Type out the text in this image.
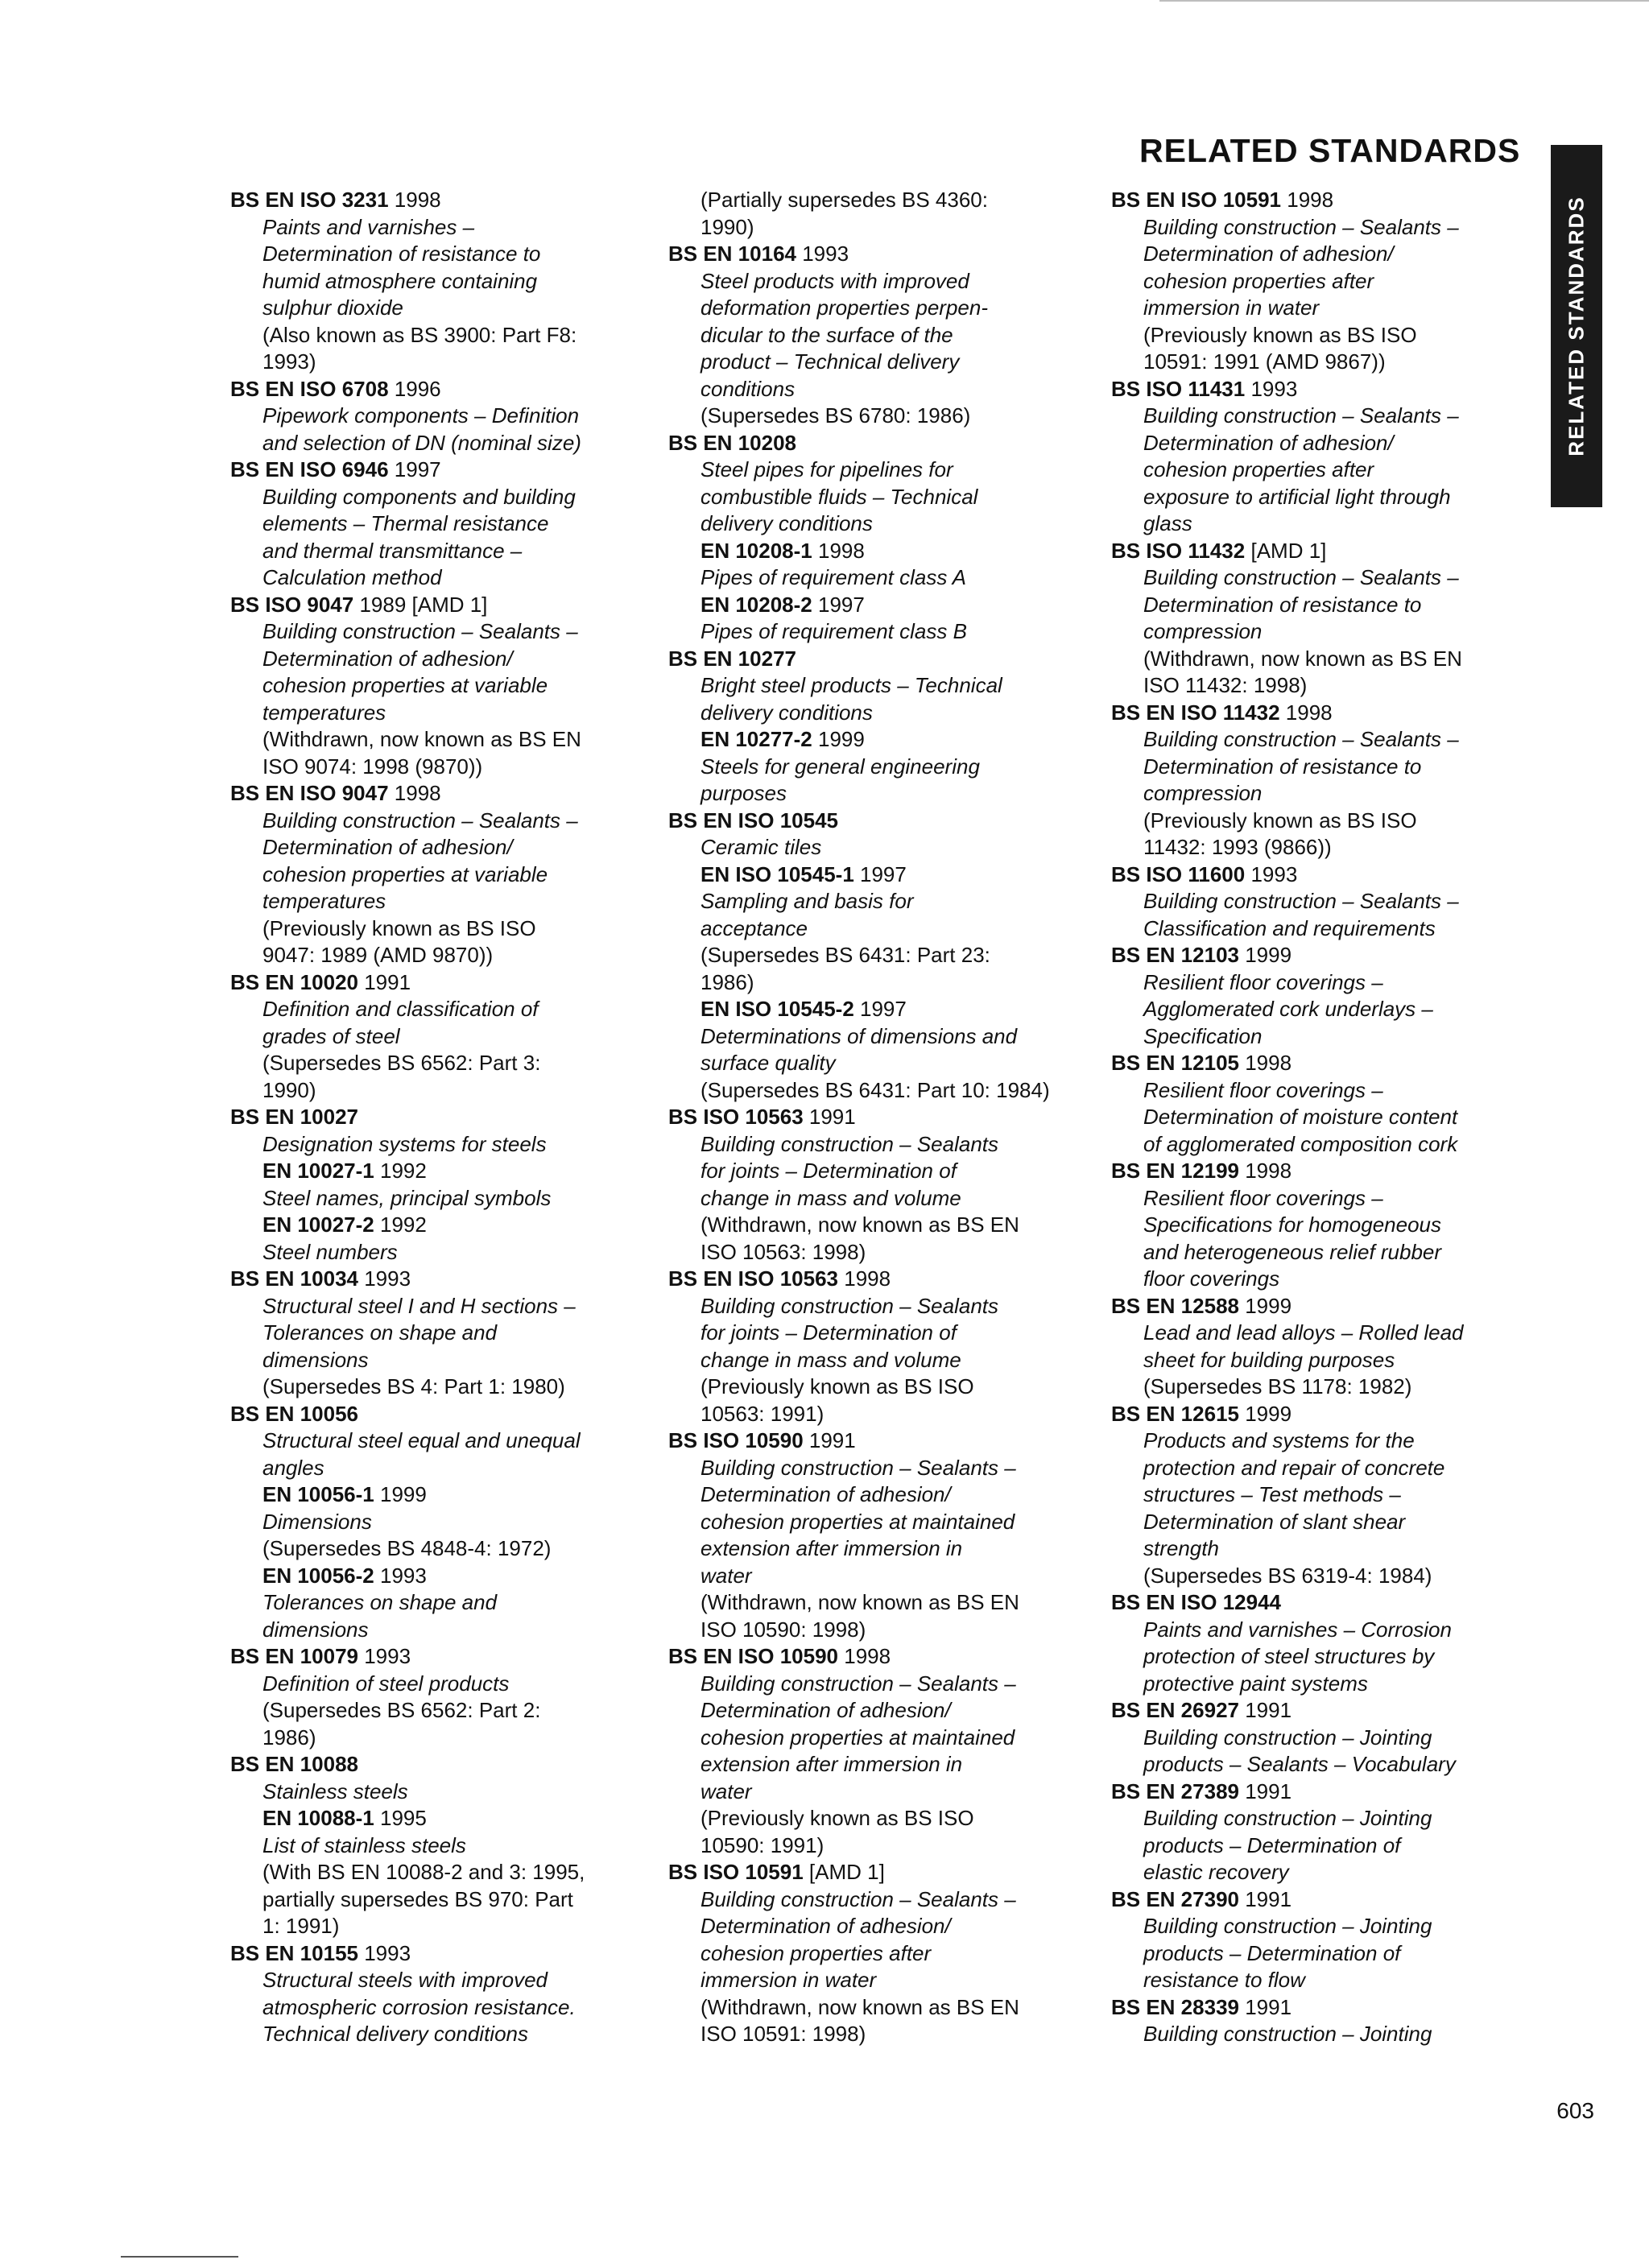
RELATED STANDARDS
RELATED STANDARDS
BS EN ISO 3231 1998
Paints and varnishes –
Determination of resistance to
humid atmosphere containing
sulphur dioxide
(Also known as BS 3900: Part F8:
1993)
BS EN ISO 6708 1996
Pipework components – Definition
and selection of DN (nominal size)
BS EN ISO 6946 1997
Building components and building
elements – Thermal resistance
and thermal transmittance –
Calculation method
BS ISO 9047 1989 [AMD 1]
Building construction – Sealants –
Determination of adhesion/
cohesion properties at variable
temperatures
(Withdrawn, now known as BS EN
ISO 9074: 1998 (9870))
BS EN ISO 9047 1998
Building construction – Sealants –
Determination of adhesion/
cohesion properties at variable
temperatures
(Previously known as BS ISO
9047: 1989 (AMD 9870))
BS EN 10020 1991
Definition and classification of
grades of steel
(Supersedes BS 6562: Part 3:
1990)
BS EN 10027
Designation systems for steels
EN 10027-1 1992
Steel names, principal symbols
EN 10027-2 1992
Steel numbers
BS EN 10034 1993
Structural steel I and H sections –
Tolerances on shape and
dimensions
(Supersedes BS 4: Part 1: 1980)
BS EN 10056
Structural steel equal and unequal
angles
EN 10056-1 1999
Dimensions
(Supersedes BS 4848-4: 1972)
EN 10056-2 1993
Tolerances on shape and
dimensions
BS EN 10079 1993
Definition of steel products
(Supersedes BS 6562: Part 2:
1986)
BS EN 10088
Stainless steels
EN 10088-1 1995
List of stainless steels
(With BS EN 10088-2 and 3: 1995,
partially supersedes BS 970: Part
1: 1991)
BS EN 10155 1993
Structural steels with improved
atmospheric corrosion resistance.
Technical delivery conditions
(Partially supersedes BS 4360:
1990)
BS EN 10164 1993
Steel products with improved
deformation properties perpen-
dicular to the surface of the
product – Technical delivery
conditions
(Supersedes BS 6780: 1986)
BS EN 10208
Steel pipes for pipelines for
combustible fluids – Technical
delivery conditions
EN 10208-1 1998
Pipes of requirement class A
EN 10208-2 1997
Pipes of requirement class B
BS EN 10277
Bright steel products – Technical
delivery conditions
EN 10277-2 1999
Steels for general engineering
purposes
BS EN ISO 10545
Ceramic tiles
EN ISO 10545-1 1997
Sampling and basis for
acceptance
(Supersedes BS 6431: Part 23:
1986)
EN ISO 10545-2 1997
Determinations of dimensions and
surface quality
(Supersedes BS 6431: Part 10: 1984)
BS ISO 10563 1991
Building construction – Sealants
for joints – Determination of
change in mass and volume
(Withdrawn, now known as BS EN
ISO 10563: 1998)
BS EN ISO 10563 1998
Building construction – Sealants
for joints – Determination of
change in mass and volume
(Previously known as BS ISO
10563: 1991)
BS ISO 10590 1991
Building construction – Sealants –
Determination of adhesion/
cohesion properties at maintained
extension after immersion in
water
(Withdrawn, now known as BS EN
ISO 10590: 1998)
BS EN ISO 10590 1998
Building construction – Sealants –
Determination of adhesion/
cohesion properties at maintained
extension after immersion in
water
(Previously known as BS ISO
10590: 1991)
BS ISO 10591 [AMD 1]
Building construction – Sealants –
Determination of adhesion/
cohesion properties after
immersion in water
(Withdrawn, now known as BS EN
ISO 10591: 1998)
BS EN ISO 10591 1998
Building construction – Sealants –
Determination of adhesion/
cohesion properties after
immersion in water
(Previously known as BS ISO
10591: 1991 (AMD 9867))
BS ISO 11431 1993
Building construction – Sealants –
Determination of adhesion/
cohesion properties after
exposure to artificial light through
glass
BS ISO 11432 [AMD 1]
Building construction – Sealants –
Determination of resistance to
compression
(Withdrawn, now known as BS EN
ISO 11432: 1998)
BS EN ISO 11432 1998
Building construction – Sealants –
Determination of resistance to
compression
(Previously known as BS ISO
11432: 1993 (9866))
BS ISO 11600 1993
Building construction – Sealants –
Classification and requirements
BS EN 12103 1999
Resilient floor coverings –
Agglomerated cork underlays –
Specification
BS EN 12105 1998
Resilient floor coverings –
Determination of moisture content
of agglomerated composition cork
BS EN 12199 1998
Resilient floor coverings –
Specifications for homogeneous
and heterogeneous relief rubber
floor coverings
BS EN 12588 1999
Lead and lead alloys – Rolled lead
sheet for building purposes
(Supersedes BS 1178: 1982)
BS EN 12615 1999
Products and systems for the
protection and repair of concrete
structures – Test methods –
Determination of slant shear
strength
(Supersedes BS 6319-4: 1984)
BS EN ISO 12944
Paints and varnishes – Corrosion
protection of steel structures by
protective paint systems
BS EN 26927 1991
Building construction – Jointing
products – Sealants – Vocabulary
BS EN 27389 1991
Building construction – Jointing
products – Determination of
elastic recovery
BS EN 27390 1991
Building construction – Jointing
products – Determination of
resistance to flow
BS EN 28339 1991
Building construction – Jointing
603
